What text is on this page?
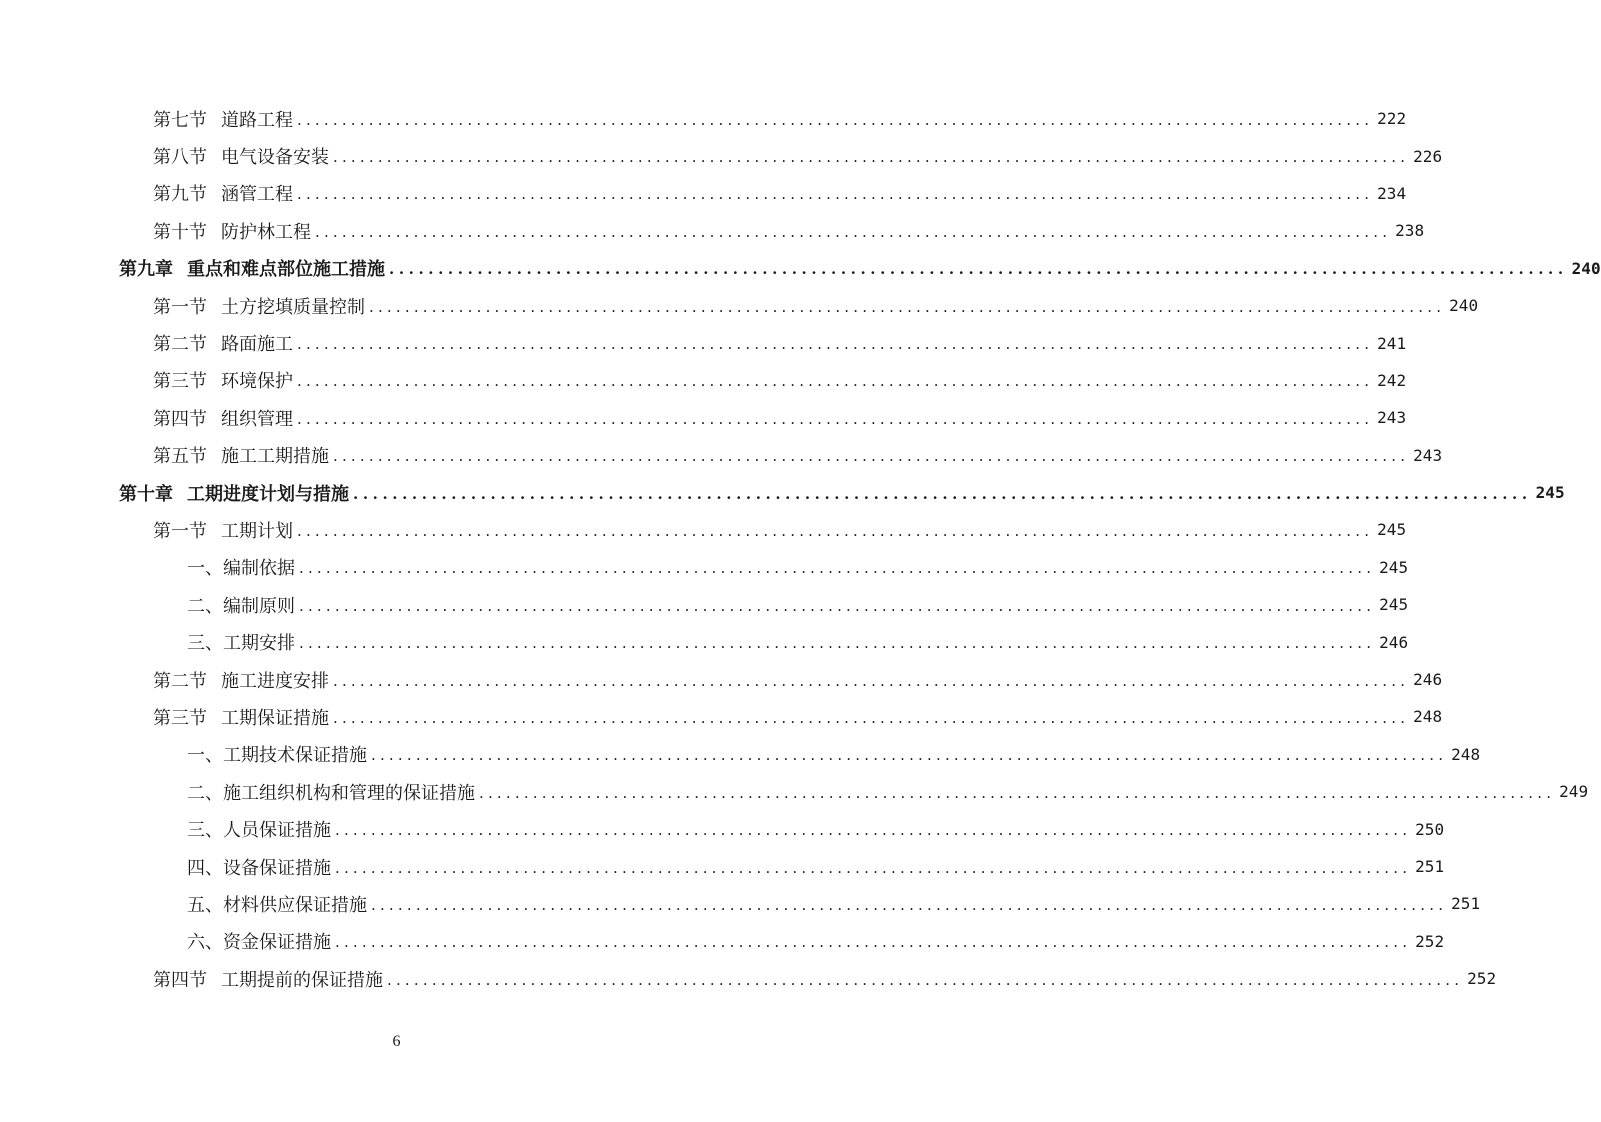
第七节 道路工程 ........................................................................................................................ 222
第八节 电气设备安装 ........................................................................................................................ 226
第九节 涵管工程 ........................................................................................................................ 234
第十节 防护林工程 ........................................................................................................................ 238
第九章 重点和难点部位施工措施 ........................................................................................................................ 240
第一节 土方挖填质量控制 ........................................................................................................................ 240
第二节 路面施工 ........................................................................................................................ 241
第三节 环境保护 ........................................................................................................................ 242
第四节 组织管理 ........................................................................................................................ 243
第五节 施工工期措施 ........................................................................................................................ 243
第十章 工期进度计划与措施 ........................................................................................................................ 245
第一节 工期计划 ........................................................................................................................ 245
一、 编制依据 ........................................................................................................................ 245
二、 编制原则 ........................................................................................................................ 245
三、 工期安排 ........................................................................................................................ 246
第二节 施工进度安排 ........................................................................................................................ 246
第三节 工期保证措施 ........................................................................................................................ 248
一、 工期技术保证措施 ........................................................................................................................ 248
二、 施工组织机构和管理的保证措施 ........................................................................................................................ 249
三、 人员保证措施 ........................................................................................................................ 250
四、 设备保证措施 ........................................................................................................................ 251
五、 材料供应保证措施 ........................................................................................................................ 251
六、 资金保证措施 ........................................................................................................................ 252
第四节 工期提前的保证措施 ........................................................................................................................ 252
6
